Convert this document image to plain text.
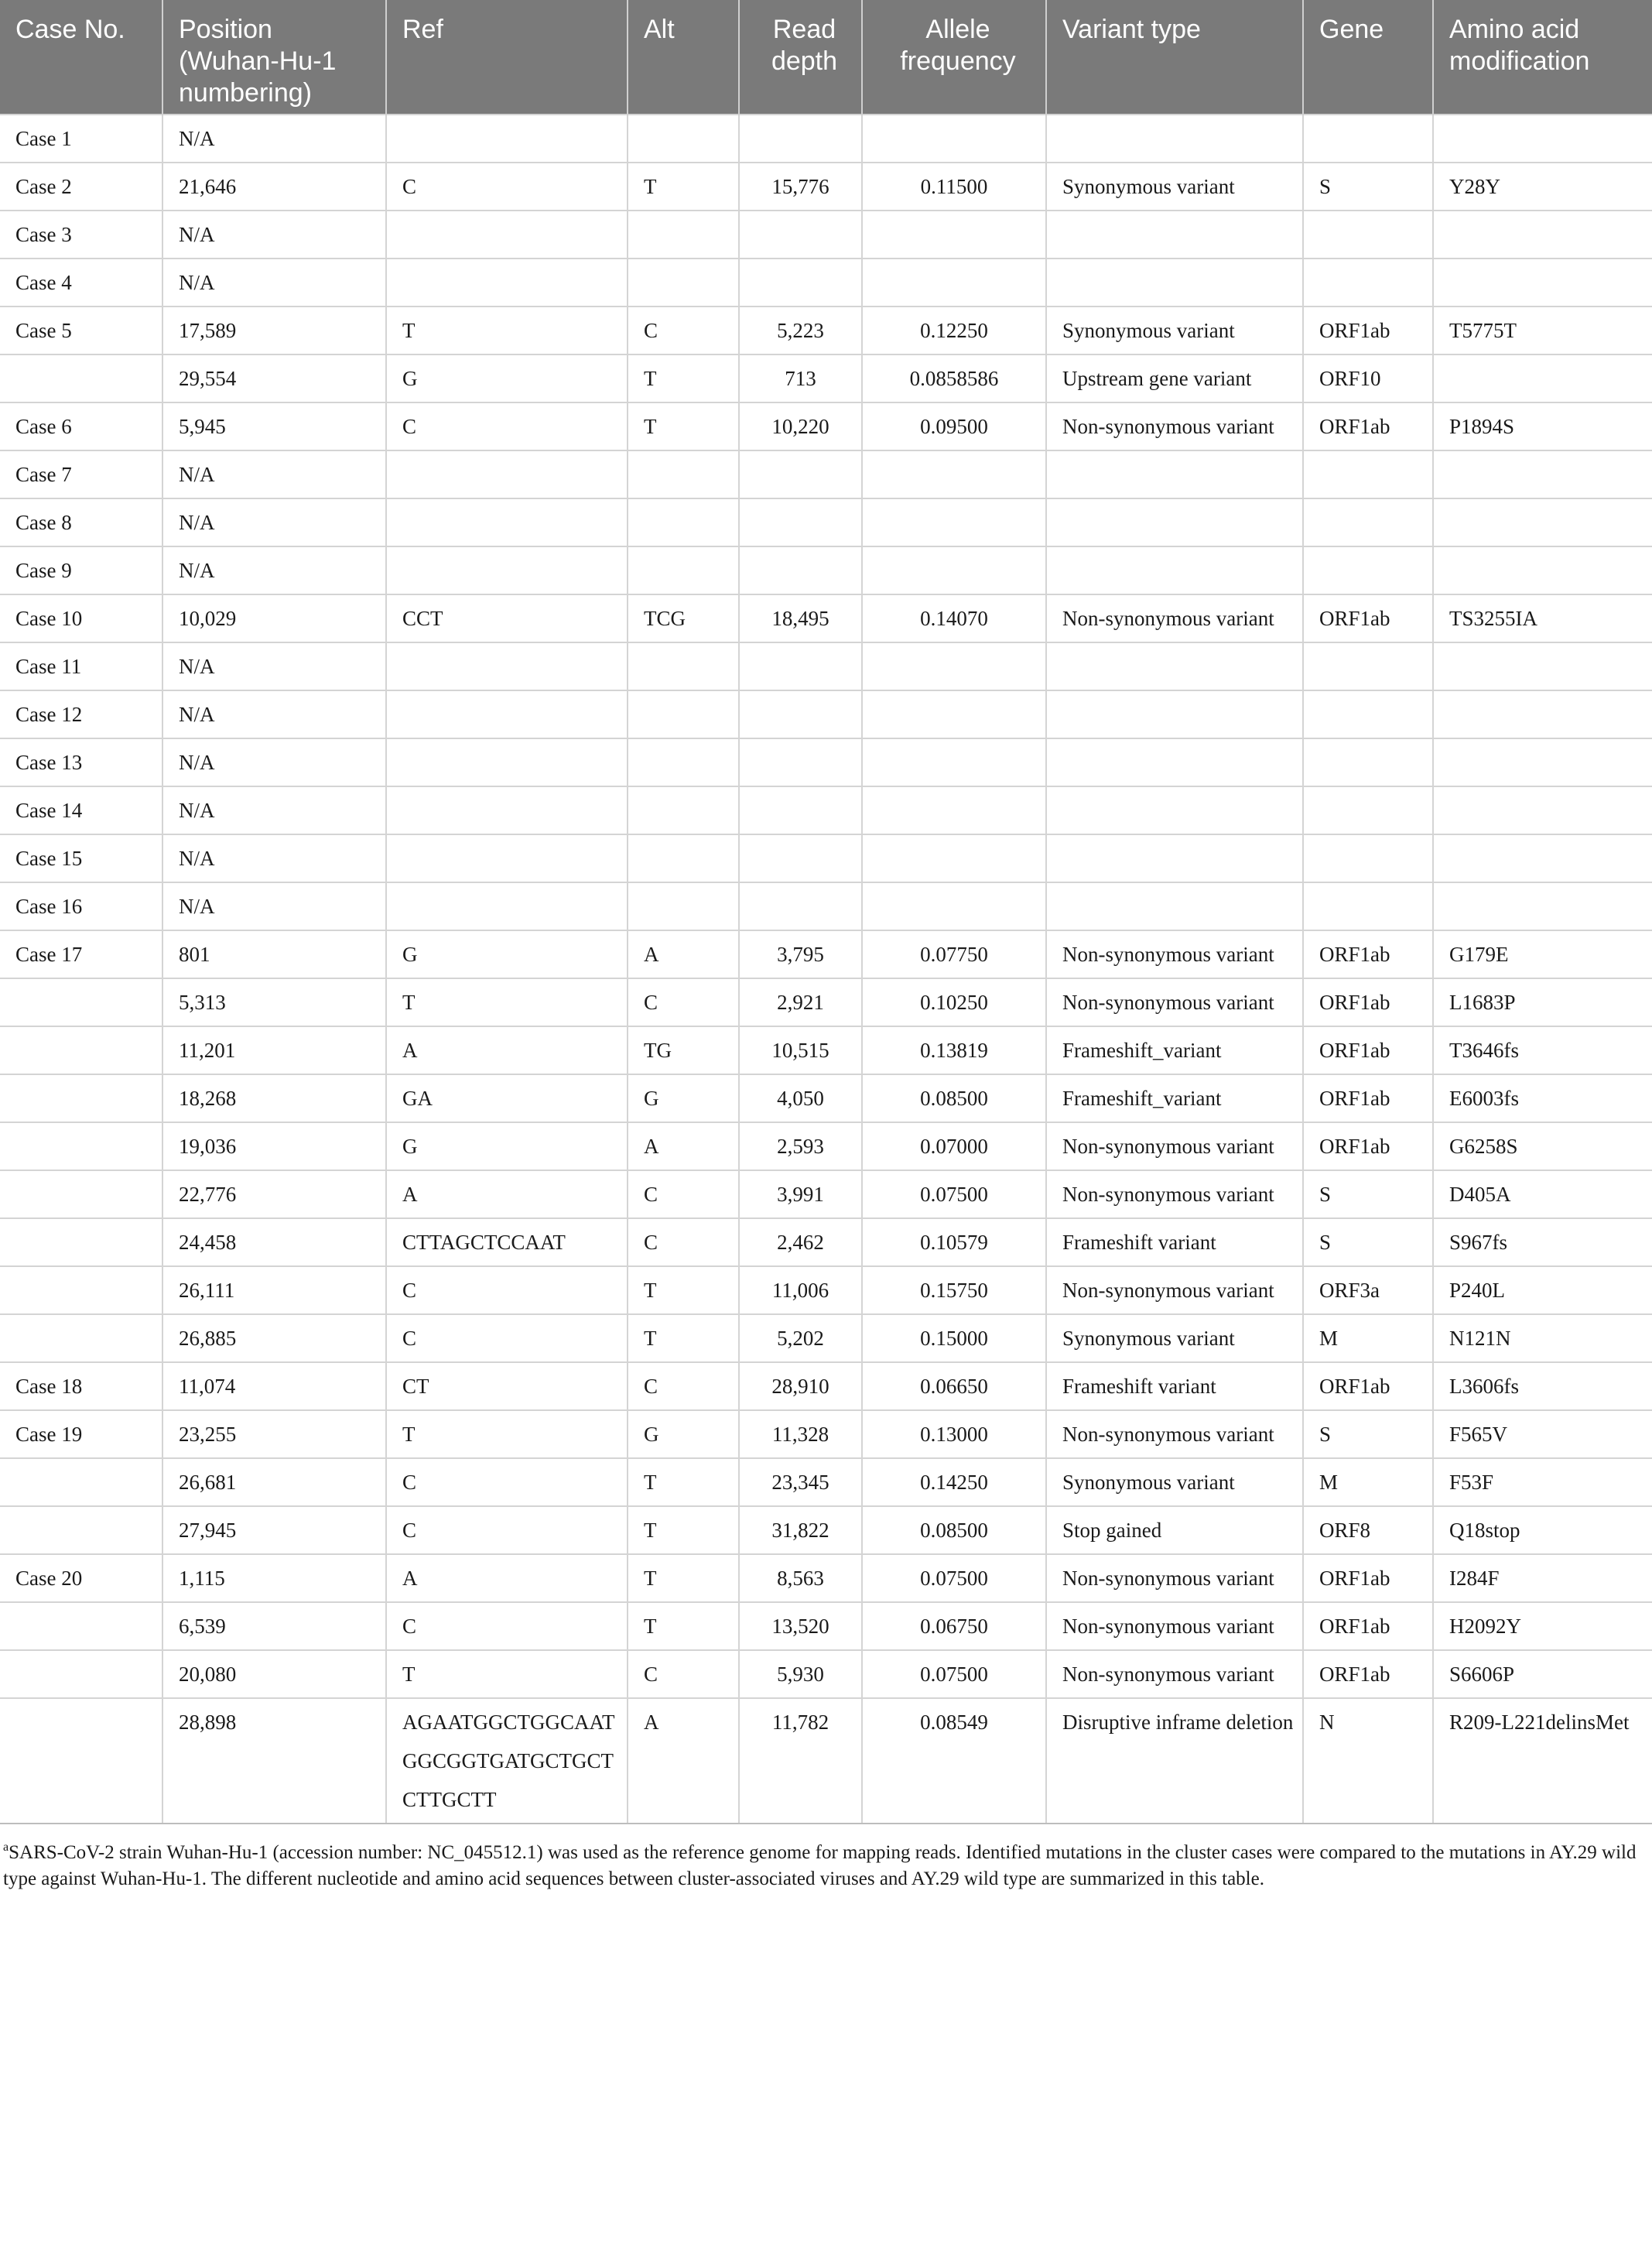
Case No.	Position (Wuhan-Hu-1 numbering)	Ref	Alt	Read depth	Allele frequency	Variant type	Gene	Amino acid modification
Case 1	N/A							
Case 2	21,646	C	T	15,776	0.11500	Synonymous variant	S	Y28Y
Case 3	N/A							
Case 4	N/A							
Case 5	17,589	T	C	5,223	0.12250	Synonymous variant	ORF1ab	T5775T
	29,554	G	T	713	0.0858586	Upstream gene variant	ORF10	
Case 6	5,945	C	T	10,220	0.09500	Non-synonymous variant	ORF1ab	P1894S
Case 7	N/A							
Case 8	N/A							
Case 9	N/A							
Case 10	10,029	CCT	TCG	18,495	0.14070	Non-synonymous variant	ORF1ab	TS3255IA
Case 11	N/A							
Case 12	N/A							
Case 13	N/A							
Case 14	N/A							
Case 15	N/A							
Case 16	N/A							
Case 17	801	G	A	3,795	0.07750	Non-synonymous variant	ORF1ab	G179E
	5,313	T	C	2,921	0.10250	Non-synonymous variant	ORF1ab	L1683P
	11,201	A	TG	10,515	0.13819	Frameshift_variant	ORF1ab	T3646fs
	18,268	GA	G	4,050	0.08500	Frameshift_variant	ORF1ab	E6003fs
	19,036	G	A	2,593	0.07000	Non-synonymous variant	ORF1ab	G6258S
	22,776	A	C	3,991	0.07500	Non-synonymous variant	S	D405A
	24,458	CTTAGCTCCAAT	C	2,462	0.10579	Frameshift variant	S	S967fs
	26,111	C	T	11,006	0.15750	Non-synonymous variant	ORF3a	P240L
	26,885	C	T	5,202	0.15000	Synonymous variant	M	N121N
Case 18	11,074	CT	C	28,910	0.06650	Frameshift variant	ORF1ab	L3606fs
Case 19	23,255	T	G	11,328	0.13000	Non-synonymous variant	S	F565V
	26,681	C	T	23,345	0.14250	Synonymous variant	M	F53F
	27,945	C	T	31,822	0.08500	Stop gained	ORF8	Q18stop
Case 20	1,115	A	T	8,563	0.07500	Non-synonymous variant	ORF1ab	I284F
	6,539	C	T	13,520	0.06750	Non-synonymous variant	ORF1ab	H2092Y
	20,080	T	C	5,930	0.07500	Non-synonymous variant	ORF1ab	S6606P
	28,898	AGAATGGCTGGCAATGGCGGTGATGCTGCTCTTGCTT	A	11,782	0.08549	Disruptive inframe deletion	N	R209-L221delinsMet
$^a$SARS-CoV-2 strain Wuhan-Hu-1 (accession number: NC_045512.1) was used as the reference genome for mapping reads. Identified mutations in the cluster cases were compared to the mutations in AY.29 wild type against Wuhan-Hu-1. The different nucleotide and amino acid sequences between cluster-associated viruses and AY.29 wild type are summarized in this table.
